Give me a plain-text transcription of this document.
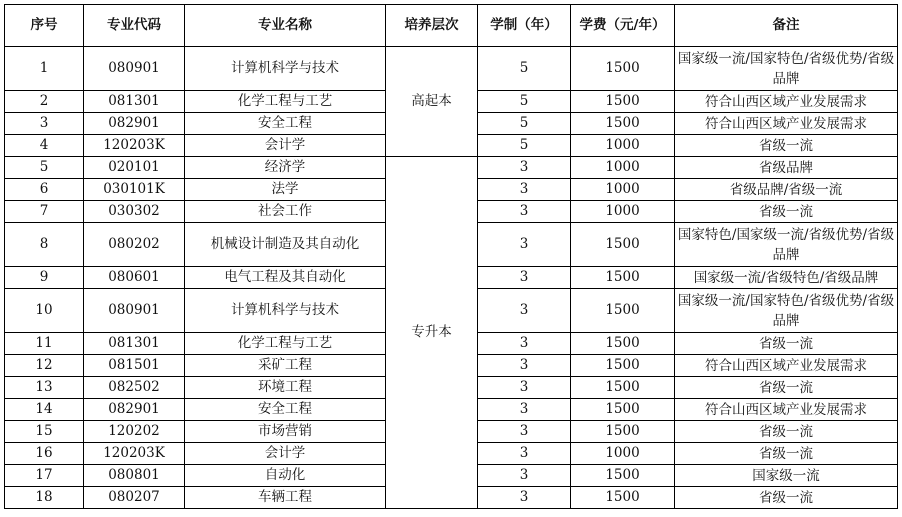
序号	专业代码	专业名称	培养层次	学制（年）	学费（元/年）	备注
1	080901	计算机科学与技术	高起本	5	1500	国家级一流/国家特色/省级优势/省级品牌
2	081301	化学工程与工艺		5	1500	符合山西区域产业发展需求
3	082901	安全工程		5	1500	符合山西区域产业发展需求
4	120203K	会计学		5	1000	省级一流
5	020101	经济学	专升本	3	1000	省级品牌
6	030101K	法学		3	1000	省级品牌/省级一流
7	030302	社会工作		3	1000	省级一流
8	080202	机械设计制造及其自动化		3	1500	国家特色/国家级一流/省级优势/省级品牌
9	080601	电气工程及其自动化		3	1500	国家级一流/省级特色/省级品牌
10	080901	计算机科学与技术		3	1500	国家级一流/国家特色/省级优势/省级品牌
11	081301	化学工程与工艺		3	1500	省级一流
12	081501	采矿工程		3	1500	符合山西区域产业发展需求
13	082502	环境工程		3	1500	省级一流
14	082901	安全工程		3	1500	符合山西区域产业发展需求
15	120202	市场营销		3	1500	省级一流
16	120203K	会计学		3	1000	省级一流
17	080801	自动化		3	1500	国家级一流
18	080207	车辆工程		3	1500	省级一流
